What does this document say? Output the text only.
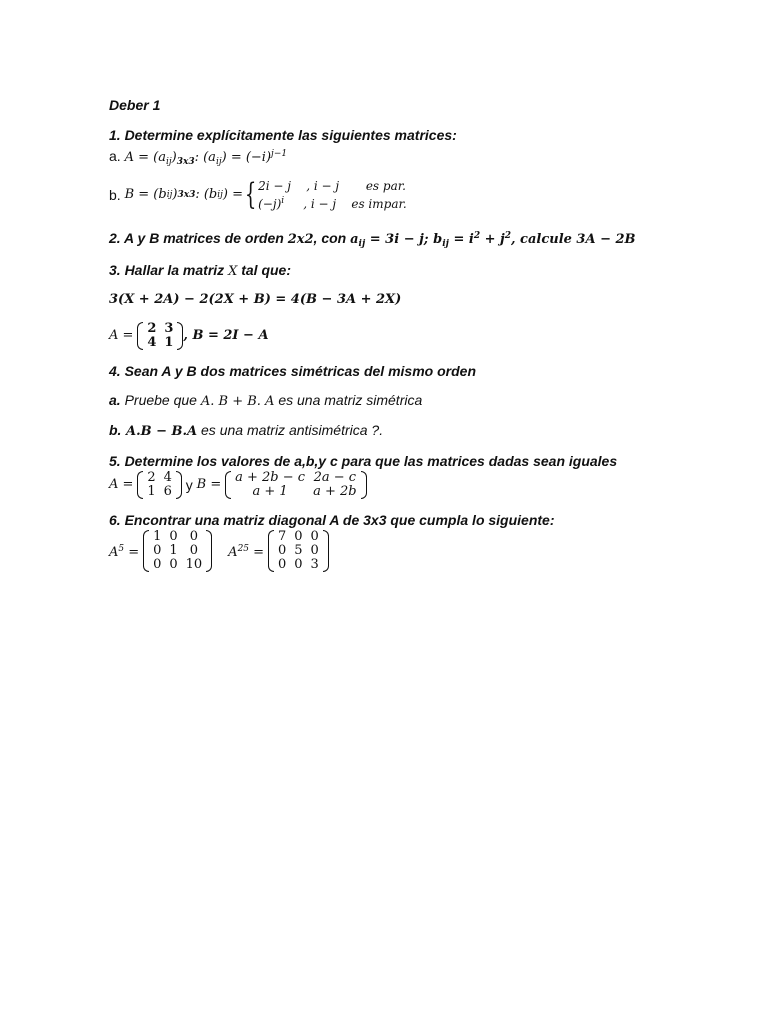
Deber 1
1. Determine explícitamente las siguientes matrices:
a. $A = (a_{ij})_{3x3}$: $(a_{ij}) = (-i)^{j-1}$
b.
B = (b ij ) 3x3 : (b ij ) = { 2i − j    , i − j       es par.
$(-j)^i$     , i − j    es impar.
2. A y B matrices de orden 2x2, con $a_{ij} = 3i - j$; $b_{ij} = i^2 + j^2$, calcule 3A − 2B
3. Hallar la matriz X tal que:
3(X + 2A) − 2(2X + B) = 4(B − 3A + 2X)
A =
2	3
4	1 , B = 2I − A
4. Sean A y B dos matrices simétricas del mismo orden
a. Pruebe que A. B + B. A es una matriz simétrica
b. A.B − B.A es una matriz antisimétrica ?.
5. Determine los valores de a,b,y c para que las matrices dadas sean iguales
A =
2	4
1	6
y
B =
a + 2b − c	2a − c
a + 1	a + 2b
6. Encontrar una matriz diagonal A de 3x3 que cumpla lo siguiente:
$A^5$ =

1	0	0
0	1	0
0	0	10
$A^{25}$ =

7	0	0
0	5	0
0	0	3
